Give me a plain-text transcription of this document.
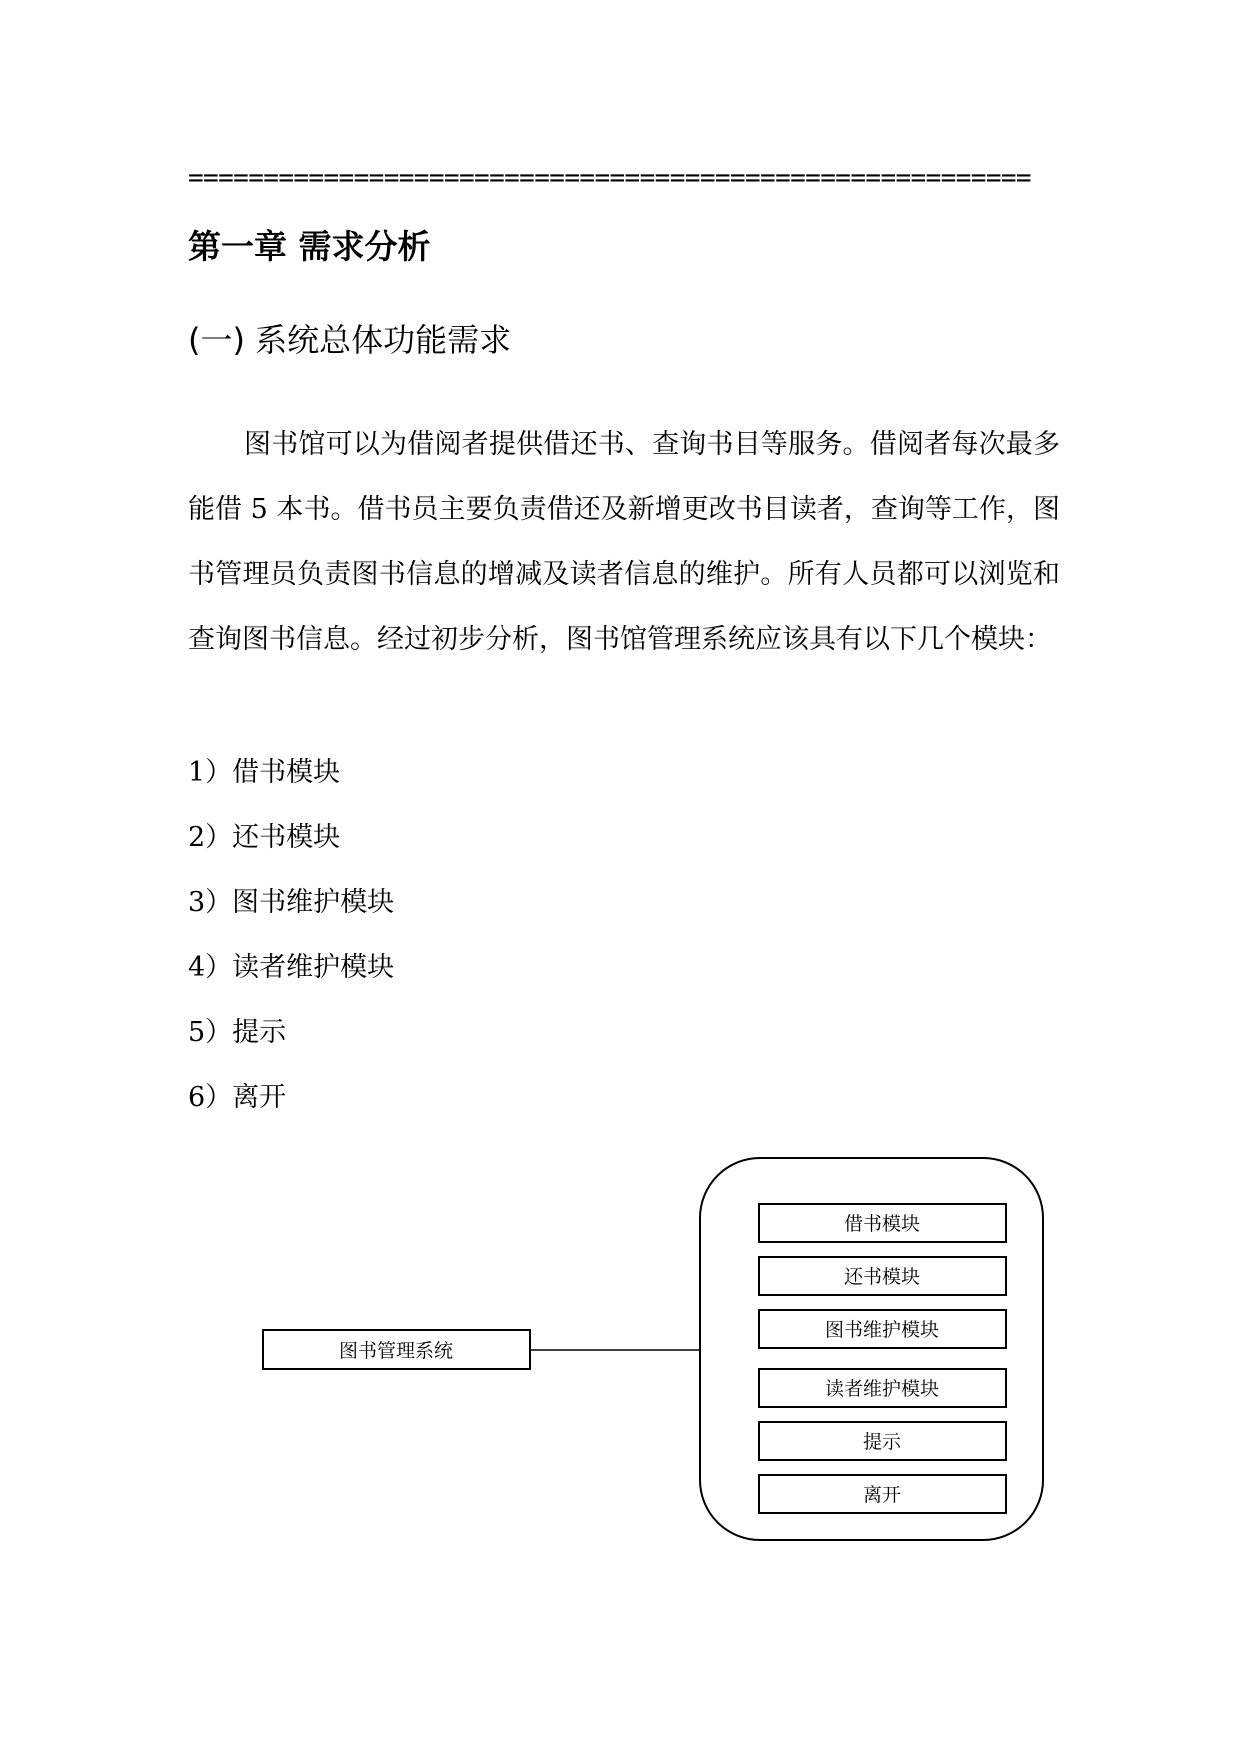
========================================================
第一章 需求分析
(一) 系统总体功能需求

图书馆可以为借阅者提供借还书、查询书目等服务。借阅者每次最多能借 5 本书。借书员主要负责借还及新增更改书目读者，查询等工作，图书管理员负责图书信息的增减及读者信息的维护。所有人员都可以浏览和查询图书信息。经过初步分析，图书馆管理系统应该具有以下几个模块：

1）借书模块
2）还书模块
3）图书维护模块
4）读者维护模块
5）提示
6）离开
图书管理系统
借书模块
还书模块
图书维护模块
读者维护模块
提示
离开
